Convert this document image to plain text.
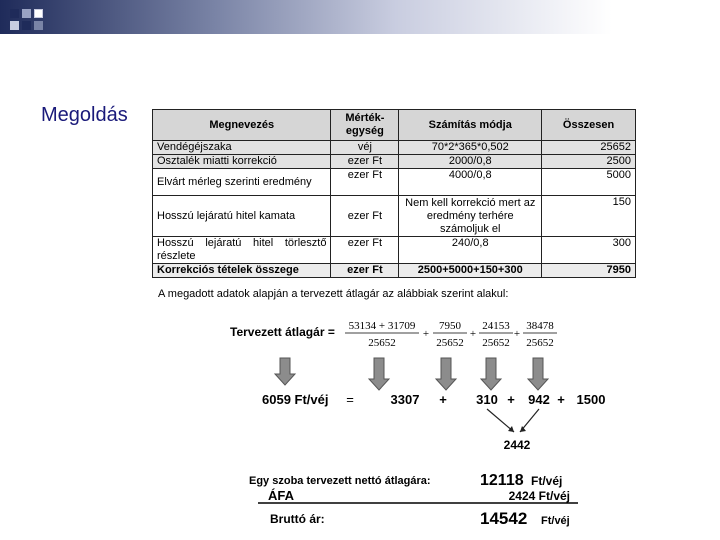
Megoldás	Megnevezés	Mérték-egység	Számítás módja	Összesen
Vendégéjszaka	véj	70*2*365*0,502	25652
Osztalék miatti korrekció	ezer Ft	2000/0,8	2500
Elvárt mérleg szerinti eredmény	ezer Ft	4000/0,8	5000
Hosszú lejáratú hitel kamata	ezer Ft	Nem kell korrekció mert az eredmény terhére számoljuk el	150
Hosszú lejáratú hitel törlesztő részlete	ezer Ft	240/0,8	300
Korrekciós tételek összege	ezer Ft	2500+5000+150+300	7950
A megadott adatok alapján a tervezett átlagár az alábbiak szerint alakul:
Tervezett átlagár = 53134 + 31709
25652
+
7950
25652
+
24153
25652
+
38478
25652
6059 Ft/véj =	3307 + 310 + 942 + 1500
2442
Egy szoba tervezett nettó átlagára:	12118 Ft/véj
ÁFA	2424 Ft/véj
Bruttó ár:	14542 Ft/véj
